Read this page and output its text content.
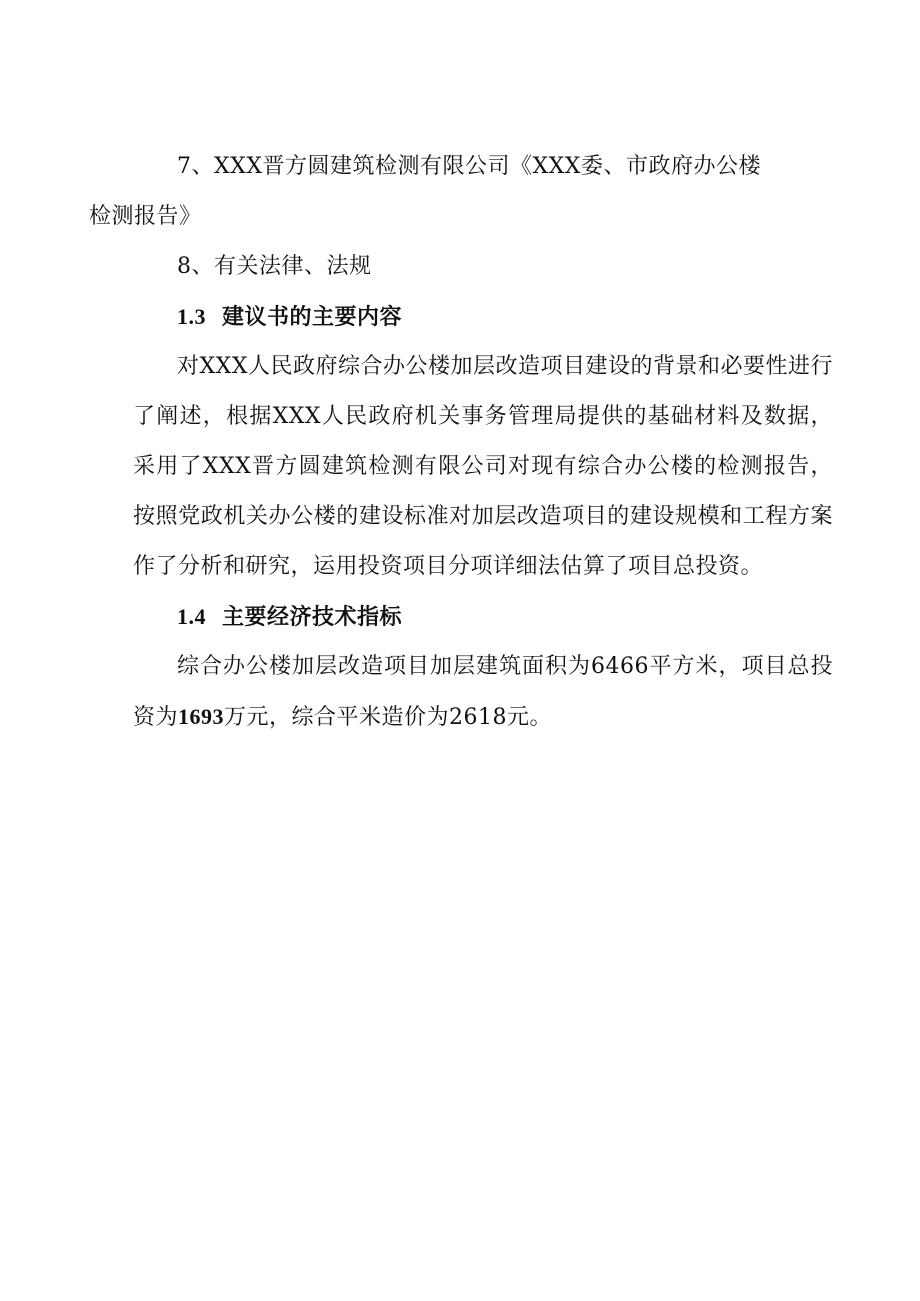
7、XXX晋方圆建筑检测有限公司《XXX委、市政府办公楼
检测报告》

8、有关法律、法规

1.3 建议书的主要内容

对XXX人民政府综合办公楼加层改造项目建设的背景和必要性进行了阐述，根据XXX人民政府机关事务管理局提供的基础材料及数据，采用了XXX晋方圆建筑检测有限公司对现有综合办公楼的检测报告，按照党政机关办公楼的建设标准对加层改造项目的建设规模和工程方案作了分析和研究，运用投资项目分项详细法估算了项目总投资。

1.4 主要经济技术指标

综合办公楼加层改造项目加层建筑面积为6466平方米，项目总投资为1693万元，综合平米造价为2618元。
